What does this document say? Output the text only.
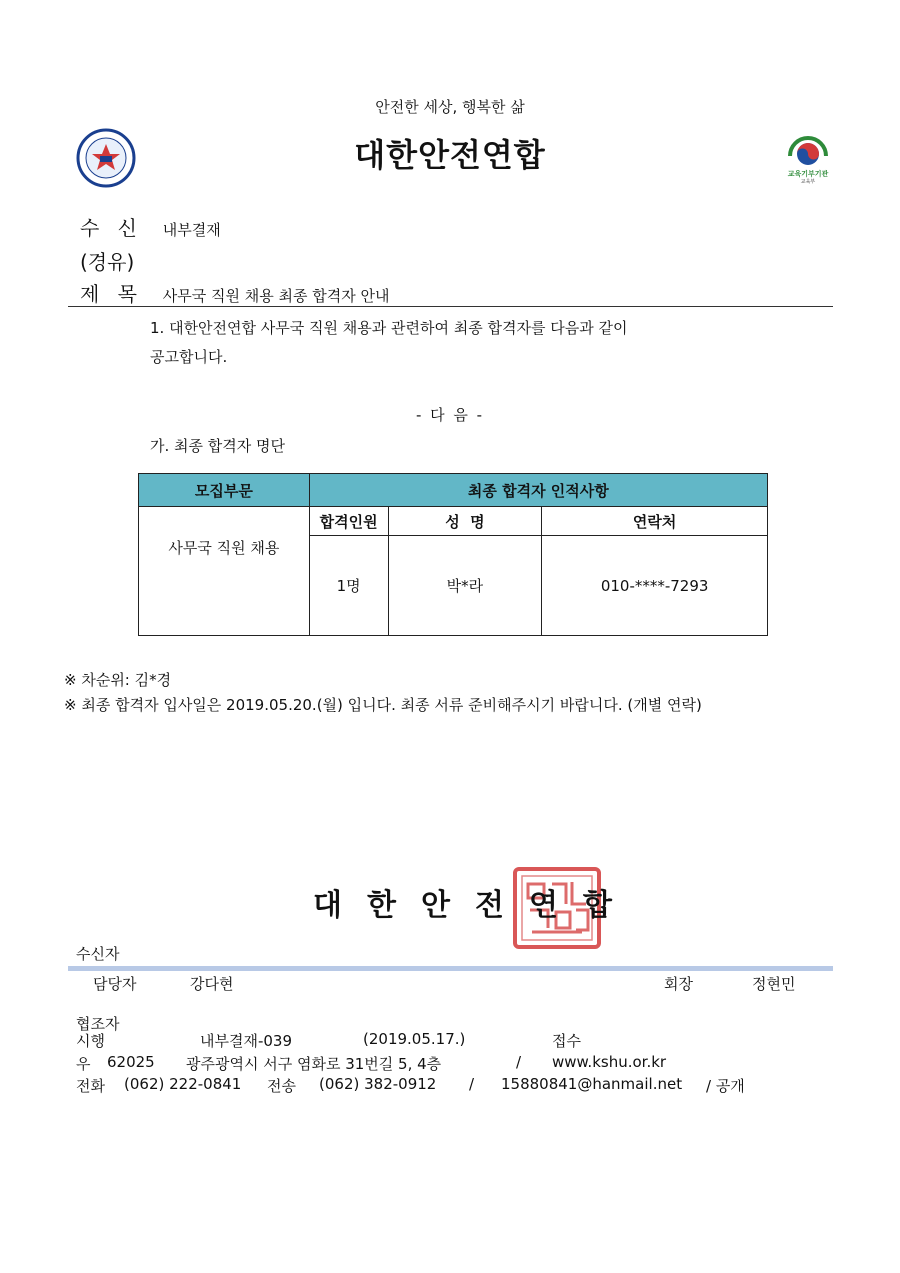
안전한 세상, 행복한 삶
대한안전연합	교육기부기관
교육부
수 신 내부결재
(경유)
제 목 사무국 직원 채용 최종 합격자 안내
1. 대한안전연합 사무국 직원 채용과 관련하여 최종 합격자를 다음과 같이
공고합니다.
- 다 음 -
가. 최종 합격자 명단
모집부문	최종 합격자 인적사항		
사무국 직원 채용	합격인원	성  명	연락처
	1명	박*라	010-****-7293
※ 차순위: 김*경
※ 최종 합격자 입사일은 2019.05.20.(월) 입니다. 최종 서류 준비해주시기 바랍니다. (개별 연락)
대한안전연합
수신자
담당자	강다현	회장	정현민
협조자
시행	내부결재-039	(2019.05.17.)	접수
우 62025 광주광역시 서구 염화로 31번길 5, 4층	/ www.kshu.or.kr
전화 (062) 222-0841 전송 (062) 382-0912 / 15880841@hanmail.net / 공개
